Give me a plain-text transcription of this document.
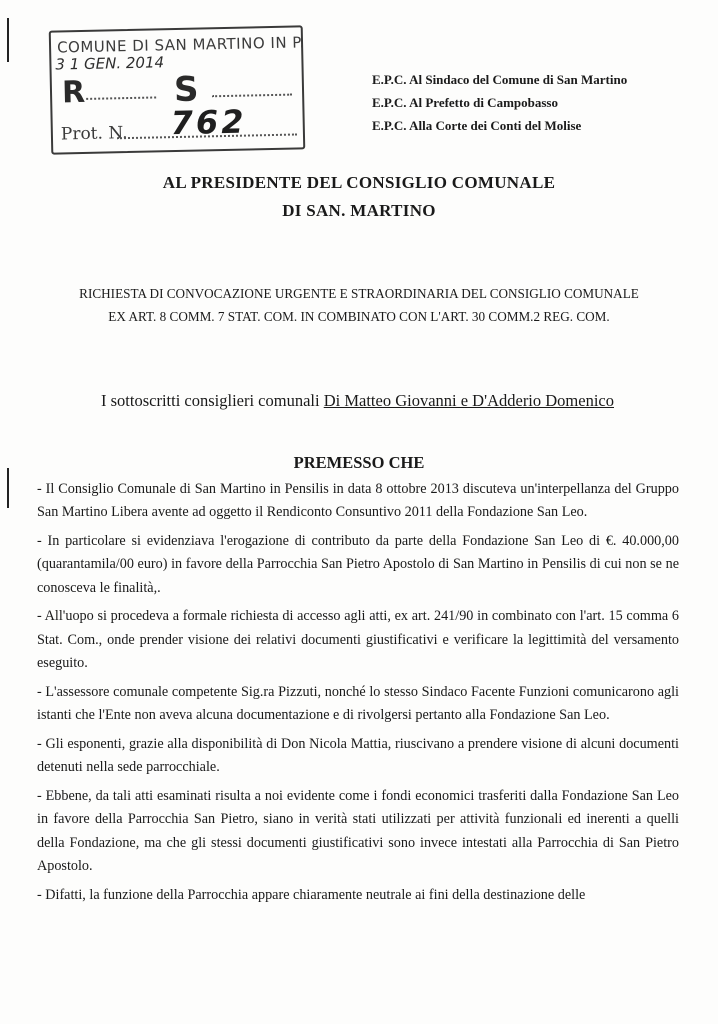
COMUNE DI SAN MARTINO IN P.
3 1 GEN. 2014
R	S
Prot. N. 762
E.P.C. Al Sindaco del Comune di San Martino
E.P.C. Al Prefetto di Campobasso
E.P.C. Alla Corte dei Conti del Molise
AL PRESIDENTE DEL CONSIGLIO COMUNALE
DI SAN. MARTINO
RICHIESTA DI CONVOCAZIONE URGENTE E STRAORDINARIA DEL CONSIGLIO COMUNALE
EX ART. 8 COMM. 7 STAT. COM. IN COMBINATO CON L'ART. 30 COMM.2 REG. COM.
I sottoscritti consiglieri comunali Di Matteo Giovanni e D'Adderio Domenico
PREMESSO CHE

- Il Consiglio Comunale di San Martino in Pensilis in data 8 ottobre 2013 discuteva un'interpellanza del Gruppo San Martino Libera avente ad oggetto il Rendiconto Consuntivo 2011 della Fondazione San Leo.

- In particolare si evidenziava l'erogazione di contributo da parte della Fondazione San Leo di €. 40.000,00 (quarantamila/00 euro) in favore della Parrocchia San Pietro Apostolo di San Martino in Pensilis di cui non se ne conosceva le finalità,.

- All'uopo si procedeva a formale richiesta di accesso agli atti, ex art. 241/90 in combinato con l'art. 15 comma 6 Stat. Com., onde prender visione dei relativi documenti giustificativi e verificare la legittimità del versamento eseguito.

- L'assessore comunale competente Sig.ra Pizzuti, nonché lo stesso Sindaco Facente Funzioni comunicarono agli istanti che l'Ente non aveva alcuna documentazione e di rivolgersi pertanto alla Fondazione San Leo.

- Gli esponenti, grazie alla disponibilità di Don Nicola Mattia, riuscivano a prendere visione di alcuni documenti detenuti nella sede parrocchiale.

- Ebbene, da tali atti esaminati risulta a noi evidente come i fondi economici trasferiti dalla Fondazione San Leo in favore della Parrocchia San Pietro, siano in verità stati utilizzati per attività funzionali ed inerenti a quelli della Fondazione, ma che gli stessi documenti giustificativi sono invece intestati alla Parrocchia di San Pietro Apostolo.

- Difatti, la funzione della Parrocchia appare chiaramente neutrale ai fini della destinazione delle
